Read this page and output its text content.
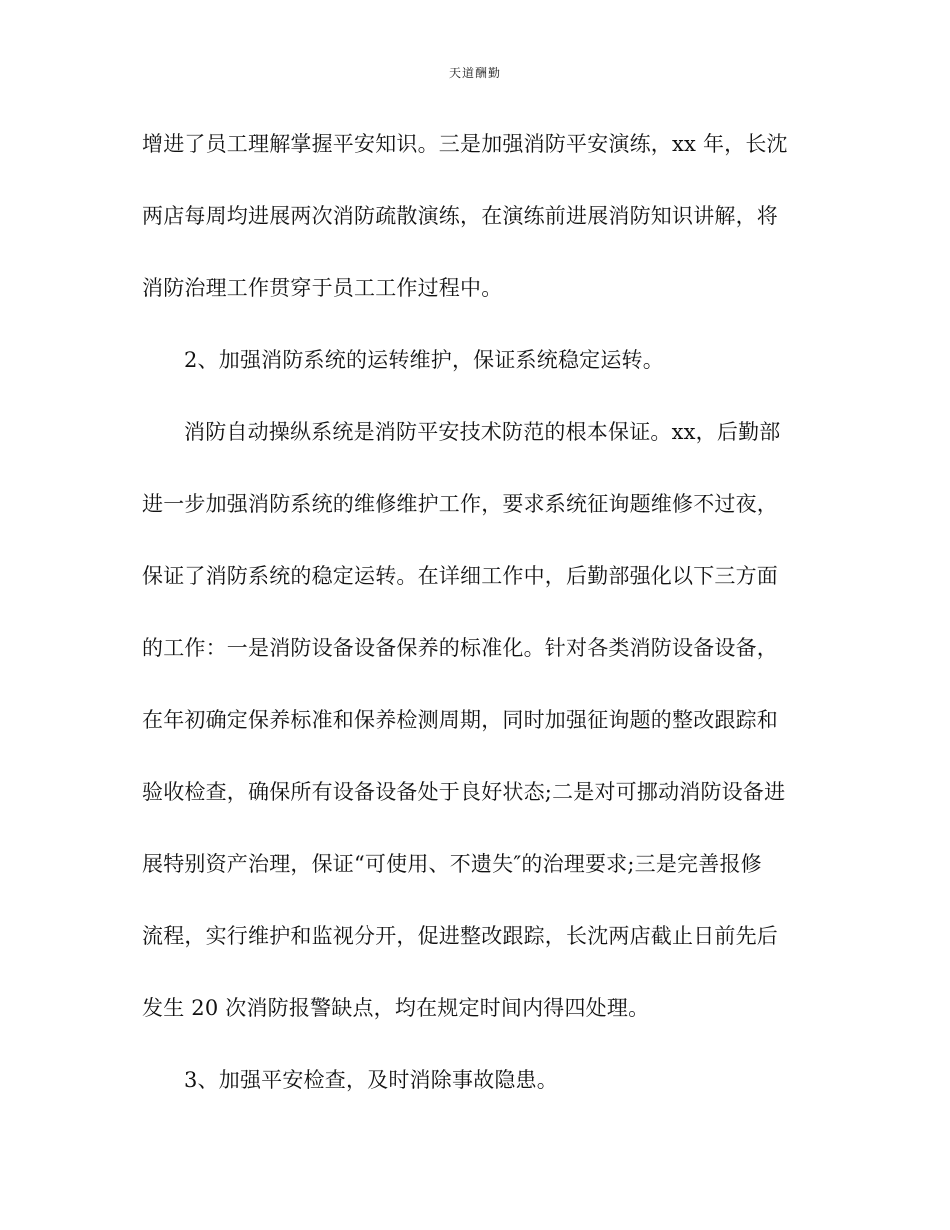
天道酬勤
增进了员工理解掌握平安知识。三是加强消防平安演练，xx 年，长沈
两店每周均进展两次消防疏散演练，在演练前进展消防知识讲解，将
消防治理工作贯穿于员工工作过程中。
2、加强消防系统的运转维护，保证系统稳定运转。
消防自动操纵系统是消防平安技术防范的根本保证。xx，后勤部
进一步加强消防系统的维修维护工作，要求系统征询题维修不过夜，
保证了消防系统的稳定运转。在详细工作中，后勤部强化以下三方面
的工作：一是消防设备设备保养的标准化。针对各类消防设备设备，
在年初确定保养标准和保养检测周期，同时加强征询题的整改跟踪和
验收检查，确保所有设备设备处于良好状态;二是对可挪动消防设备进
展特别资产治理，保证“可使用、不遗失″的治理要求;三是完善报修
流程，实行维护和监视分开，促进整改跟踪，长沈两店截止日前先后
发生 20 次消防报警缺点，均在规定时间内得四处理。
3、加强平安检查，及时消除事故隐患。
